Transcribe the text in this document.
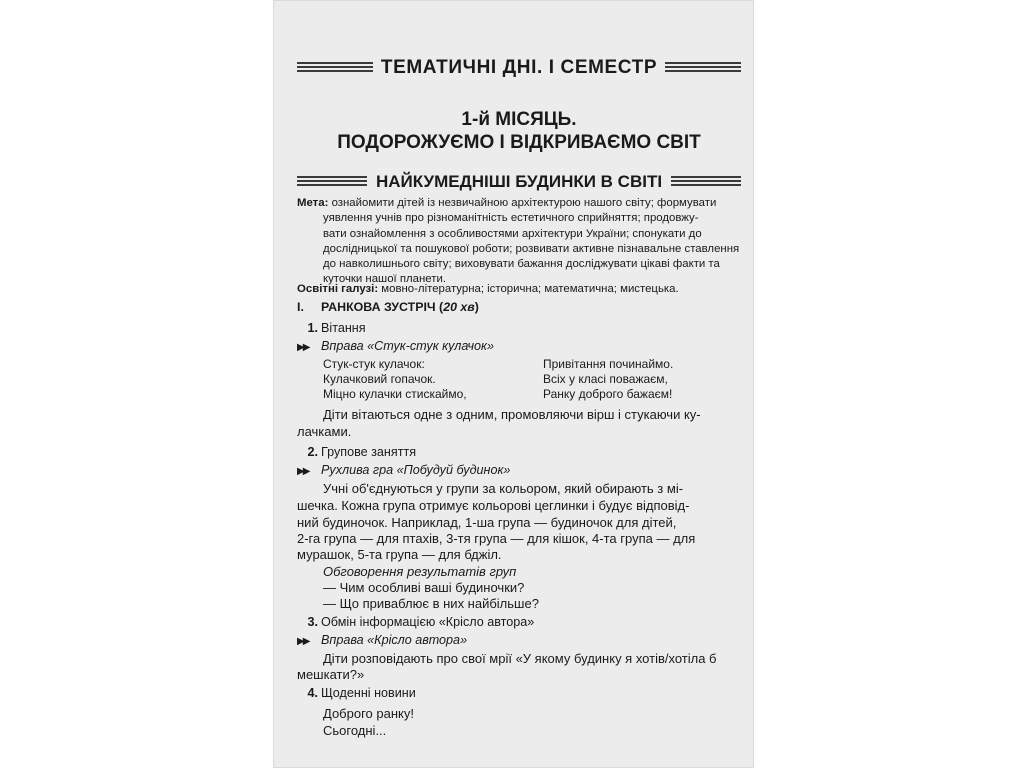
ТЕМАТИЧНІ ДНІ. І СЕМЕСТР
1-й МІСЯЦЬ.
ПОДОРОЖУЄМО І ВІДКРИВАЄМО СВІТ
НАЙКУМЕДНІШІ БУДИНКИ В СВІТІ
Мета: ознайомити дітей із незвичайною архітектурою нашого світу; формувати
уявлення учнів про різноманітність естетичного сприйняття; продовжу-
вати ознайомлення з особливостями архітектури України; спонукати до
дослідницької та пошукової роботи; розвивати активне пізнавальне ставлення
до навколишнього світу; виховувати бажання досліджувати цікаві факти та
куточки нашої планети.
Освітні галузі: мовно-літературна; історична; математична; мистецька.
I. РАНКОВА ЗУСТРІЧ (20 хв)
1. Вітання
▶▶ Вправа «Стук-стук кулачок»
Стук-стук кулачок:
Кулачковий гопачок.
Міцно кулачки стискаймо,
Привітання починаймо.
Всіх у класі поважаєм,
Ранку доброго бажаєм!
Діти вітаються одне з одним, промовляючи вірш і стукаючи ку-
лачками.
2. Групове заняття
▶▶ Рухлива гра «Побудуй будинок»
Учні об'єднуються у групи за кольором, який обирають з мі-
шечка. Кожна група отримує кольорові цеглинки і будує відповід-
ний будиночок. Наприклад, 1-ша група — будиночок для дітей,
2-га група — для птахів, 3-тя група — для кішок, 4-та група — для
мурашок, 5-та група — для бджіл.
Обговорення результатів груп
— Чим особливі ваші будиночки?
— Що приваблює в них найбільше?
3. Обмін інформацією «Крісло автора»
▶▶ Вправа «Крісло автора»
Діти розповідають про свої мрії «У якому будинку я хотів/хотіла б
мешкати?»
4. Щоденні новини
Доброго ранку!
Сьогодні...
